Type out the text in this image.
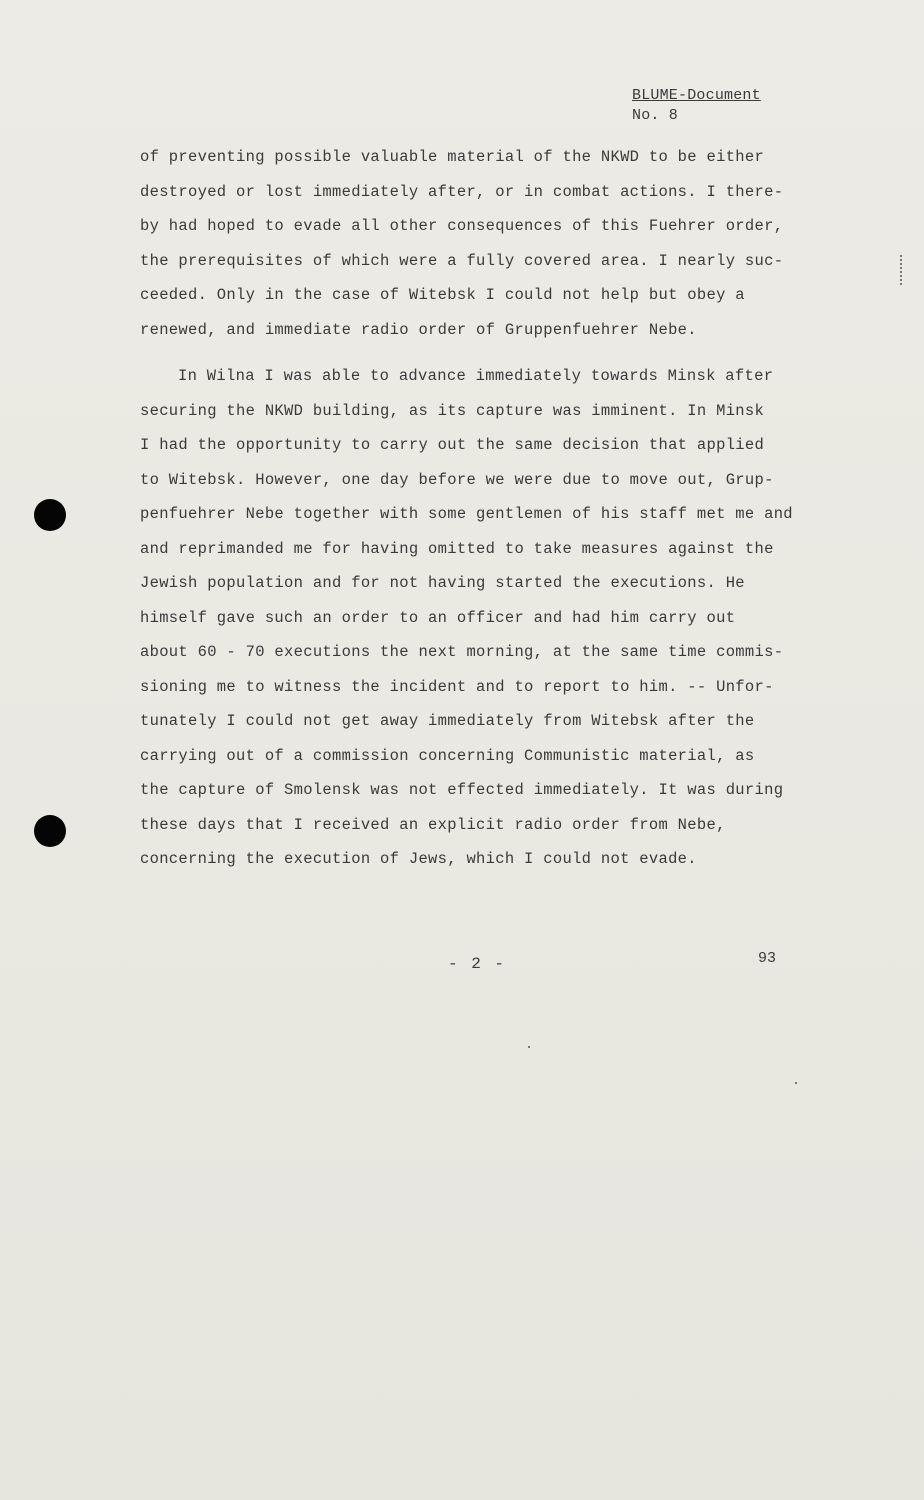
BLUME-Document
No. 8
of preventing possible valuable material of the NKWD to be either
destroyed or lost immediately after, or in combat actions. I there-
by had hoped to evade all other consequences of this Fuehrer order,
the prerequisites of which were a fully covered area. I nearly suc-
ceeded. Only in the case of Witebsk I could not help but obey a
renewed, and immediate radio order of Gruppenfuehrer Nebe.
In Wilna I was able to advance immediately towards Minsk after
securing the NKWD building, as its capture was imminent. In Minsk
I had the opportunity to carry out the same decision that applied
to Witebsk. However, one day before we were due to move out, Grup-
penfuehrer Nebe together with some gentlemen of his staff met me and
and reprimanded me for having omitted to take measures against the
Jewish population and for not having started the executions. He
himself gave such an order to an officer and had him carry out
about 60 - 70 executions the next morning, at the same time commis-
sioning me to witness the incident and to report to him. -- Unfor-
tunately I could not get away immediately from Witebsk after the
carrying out of a commission concerning Communistic material, as
the capture of Smolensk was not effected immediately. It was during
these days that I received an explicit radio order from Nebe,
concerning the execution of Jews, which I could not evade.
- 2 -	93
